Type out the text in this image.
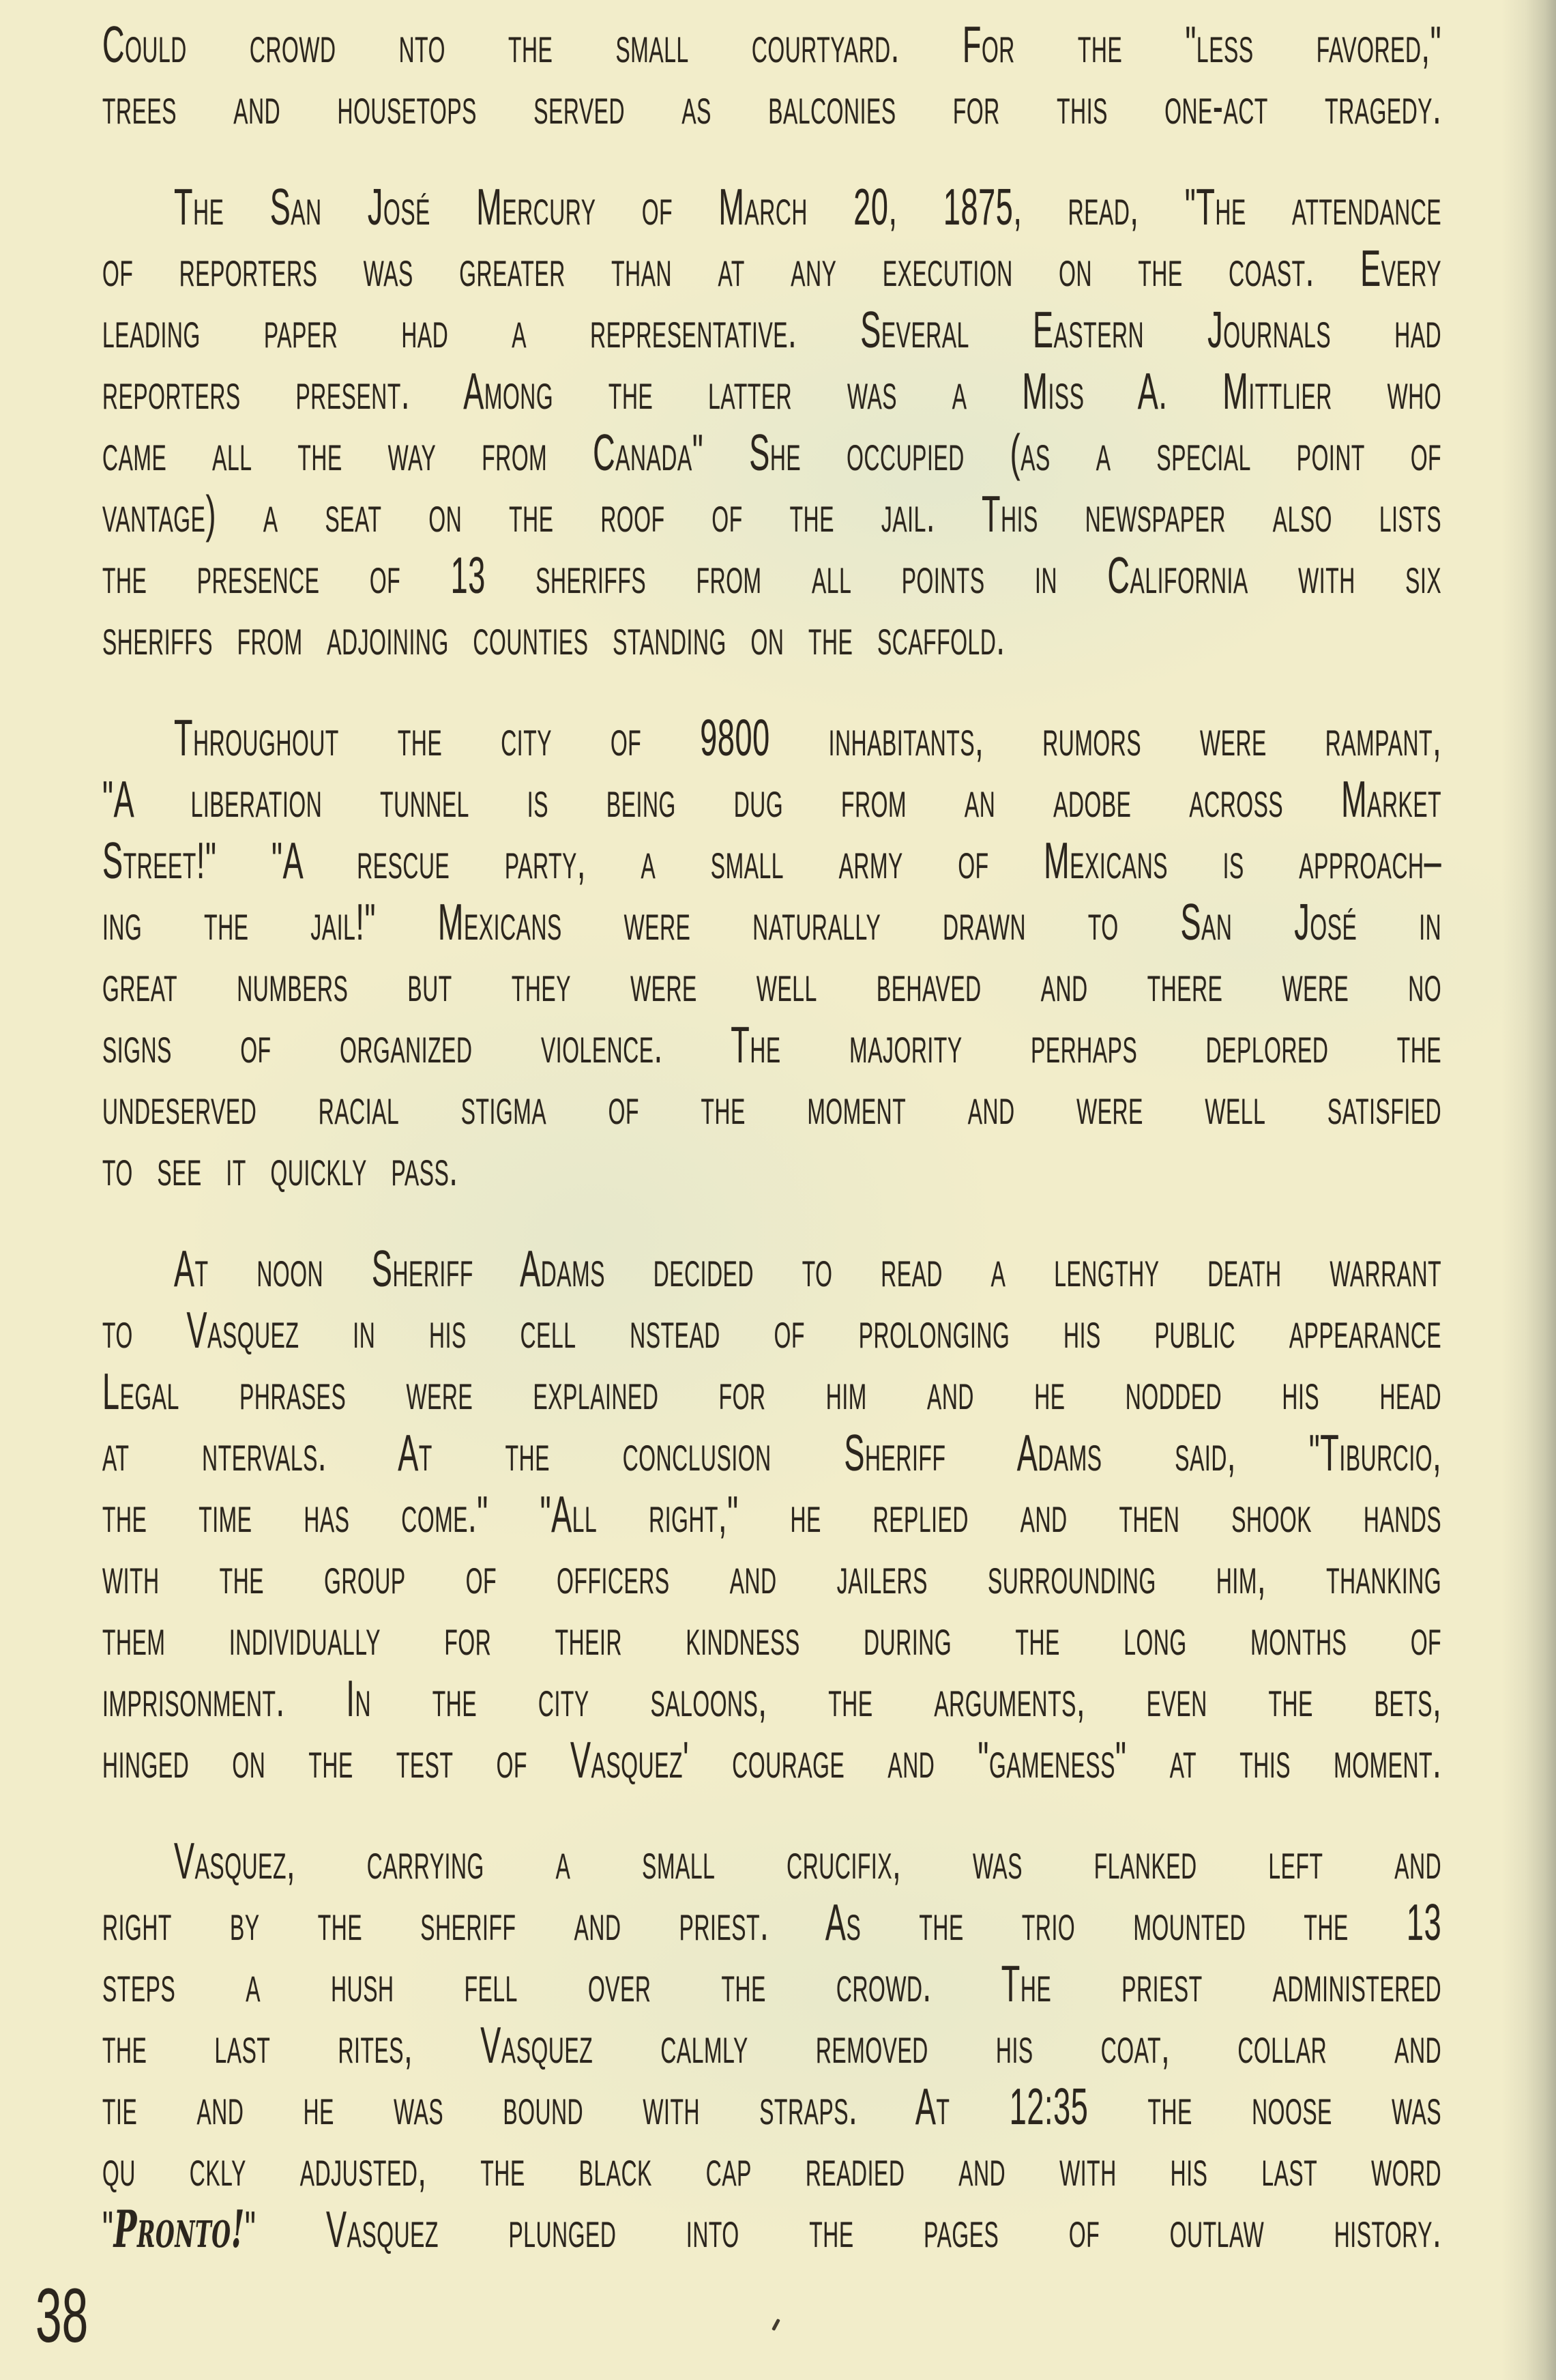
Could crowd nto the small courtyard. For the "less favored,"
trees and housetops served as balconies for this one-act tragedy.
The San José Mercury of March 20, 1875, read, "The attendance
of reporters was greater than at any execution on the coast. Every
leading paper had a representative. Several Eastern Journals had
reporters present. Among the latter was a Miss A. Mittlier who
came all the way from Canada" She occupied (as a special point of
vantage) a seat on the roof of the jail. This newspaper also lists
the presence of 13 sheriffs from all points in California with six
sheriffs from adjoining counties standing on the scaffold.
Throughout the city of 9800 inhabitants, rumors were rampant,
"A liberation tunnel is being dug from an adobe across Market
Street!" "A rescue party, a small army of Mexicans is approach–
ing the jail!" Mexicans were naturally drawn to San José in
great numbers but they were well behaved and there were no
signs of organized violence. The majority perhaps deplored the
undeserved racial stigma of the moment and were well satisfied
to see it quickly pass.
At noon Sheriff Adams decided to read a lengthy death warrant
to Vasquez in his cell nstead of prolonging his public appearance
Legal phrases were explained for him and he nodded his head
at ntervals. At the conclusion Sheriff Adams said, "Tiburcio,
the time has come." "All right," he replied and then shook hands
with the group of officers and jailers surrounding him, thanking
them individually for their kindness during the long months of
imprisonment. In the city saloons, the arguments, even the bets,
hinged on the test of Vasquez' courage and "gameness" at this moment.
Vasquez, carrying a small crucifix, was flanked left and
right by the sheriff and priest. As the trio mounted the 13
steps a hush fell over the crowd. The priest administered
the last rites, Vasquez calmly removed his coat, collar and
tie and he was bound with straps. At 12:35 the noose was
qu ckly adjusted, the black cap readied and with his last word
"Pronto!" Vasquez plunged into the pages of outlaw history.
38
